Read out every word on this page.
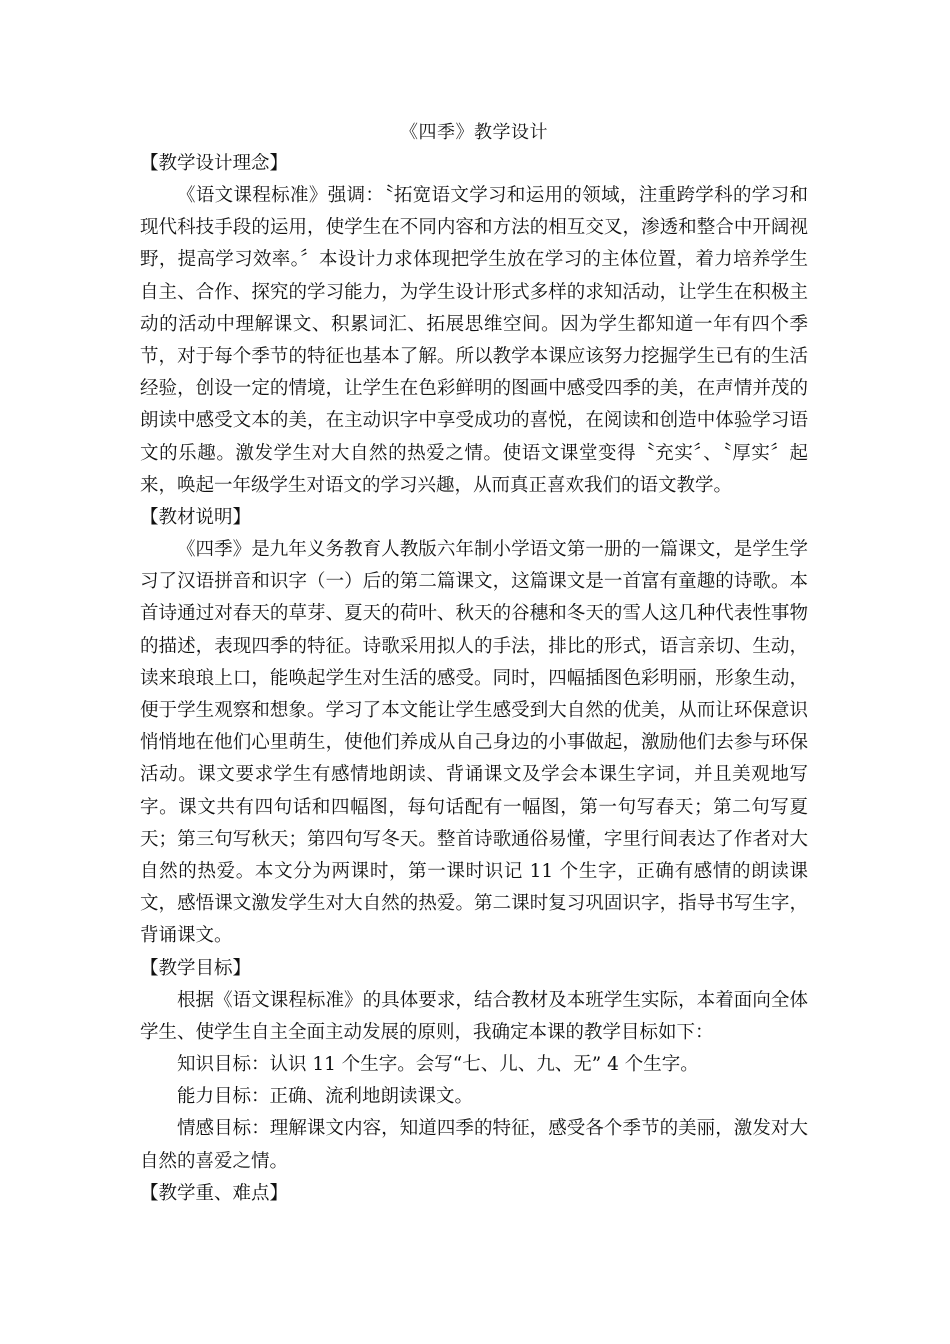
《四季》教学设计
【教学设计理念】

《语文课程标准》强调：〝拓宽语文学习和运用的领域，注重跨学科的学习和现代科技手段的运用，使学生在不同内容和方法的相互交叉，渗透和整合中开阔视野，提高学习效率。〞本设计力求体现把学生放在学习的主体位置，着力培养学生自主、合作、探究的学习能力，为学生设计形式多样的求知活动，让学生在积极主动的活动中理解课文、积累词汇、拓展思维空间。因为学生都知道一年有四个季节，对于每个季节的特征也基本了解。所以教学本课应该努力挖掘学生已有的生活经验，创设一定的情境，让学生在色彩鲜明的图画中感受四季的美，在声情并茂的朗读中感受文本的美，在主动识字中享受成功的喜悦，在阅读和创造中体验学习语文的乐趣。激发学生对大自然的热爱之情。使语文课堂变得〝充实〞、〝厚实〞起来，唤起一年级学生对语文的学习兴趣，从而真正喜欢我们的语文教学。

【教材说明】

《四季》是九年义务教育人教版六年制小学语文第一册的一篇课文，是学生学习了汉语拼音和识字（一）后的第二篇课文，这篇课文是一首富有童趣的诗歌。本首诗通过对春天的草芽、夏天的荷叶、秋天的谷穗和冬天的雪人这几种代表性事物的描述，表现四季的特征。诗歌采用拟人的手法，排比的形式，语言亲切、生动，读来琅琅上口，能唤起学生对生活的感受。同时，四幅插图色彩明丽，形象生动，便于学生观察和想象。学习了本文能让学生感受到大自然的优美，从而让环保意识悄悄地在他们心里萌生，使他们养成从自己身边的小事做起，激励他们去参与环保活动。课文要求学生有感情地朗读、背诵课文及学会本课生字词，并且美观地写字。课文共有四句话和四幅图，每句话配有一幅图，第一句写春天；第二句写夏天；第三句写秋天；第四句写冬天。整首诗歌通俗易懂，字里行间表达了作者对大自然的热爱。本文分为两课时，第一课时识记 11 个生字，正确有感情的朗读课文，感悟课文激发学生对大自然的热爱。第二课时复习巩固识字，指导书写生字，背诵课文。

【教学目标】

根据《语文课程标准》的具体要求，结合教材及本班学生实际，本着面向全体学生、使学生自主全面主动发展的原则，我确定本课的教学目标如下：

知识目标：认识 11 个生字。会写“七、儿、九、无” 4 个生字。

能力目标：正确、流利地朗读课文。

情感目标：理解课文内容，知道四季的特征，感受各个季节的美丽，激发对大自然的喜爱之情。

【教学重、难点】
